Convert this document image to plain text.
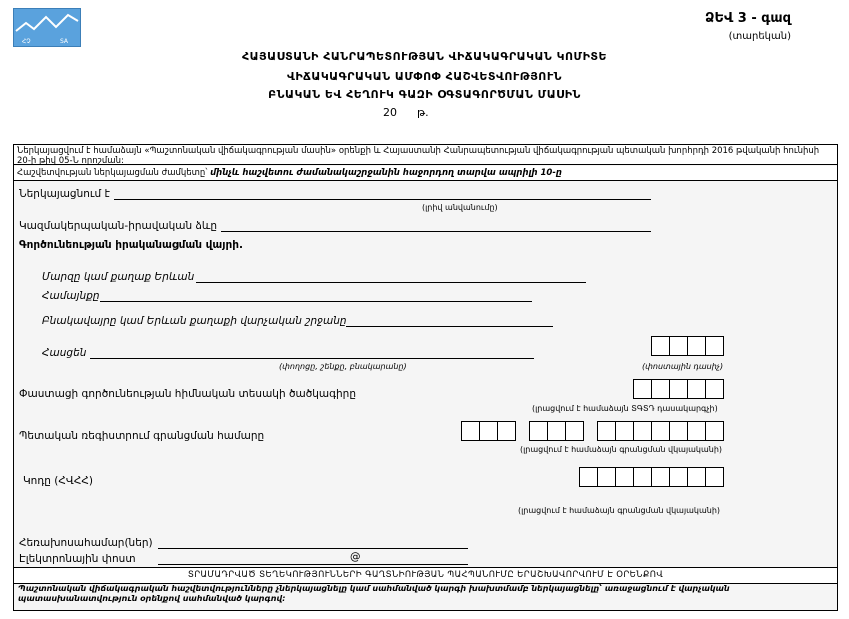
ՀՉ	SA
ՁԵՎ 3 - գազ
(տարեկան)
ՀԱՅԱՍՏԱՆԻ ՀԱՆՐԱՊԵՏՈՒԹՅԱՆ ՎԻՃԱԿԱԳՐԱԿԱՆ ԿՈՄԻՏԵ
ՎԻՃԱԿԱԳՐԱԿԱՆ ԱՄՓՈՓ ՀԱՇՎԵՏՎՈՒԹՅՈՒՆ
ԲՆԱԿԱՆ ԵՎ ՀԵՂՈՒԿ ԳԱԶԻ ՕԳՏԱԳՈՐԾՄԱՆ ՄԱՍԻՆ
20 թ.
Ներկայացվում է համաձայն «Պաշտոնական վիճակագրության մասին» օրենքի և Հայաստանի Հանրապետության վիճակագրության պետական խորհրդի 2016 թվականի հունիսի 20-ի թիվ 05-Ն որոշման:
Հաշվետվության ներկայացման ժամկետը՝ մինչև հաշվետու ժամանակաշրջանին հաջորդող տարվա ապրիլի 10-ը
Ներկայացնում է
(լրիվ անվանումը)
Կազմակերպական-իրավական ձևը
Գործունեության իրականացման վայրի.
Մարզը կամ քաղաք Երևան
Համայնքը
Բնակավայրը կամ Երևան քաղաքի վարչական շրջանը
Հասցեն
(փողոցը, շենքը, բնակարանը)	(փոստային դասիչ)
Փաստացի գործունեության հիմնական տեսակի ծածկագիրը
(լրացվում է համաձայն ՏԳՏԴ դասակարգչի)
Պետական ռեգիստրում գրանցման համարը
(լրացվում է համաձայն գրանցման վկայականի)
Կոդը (ՀՎՀՀ)
(լրացվում է համաձայն գրանցման վկայականի)
Հեռախոսահամար(ներ)
Էլեկտրոնային փոստ	@
ՏՐԱՄԱԴՐՎԱԾ ՏԵՂԵԿՈՒԹՅՈՒՆՆԵՐԻ ԳԱՂՏՆԻՈՒԹՅԱՆ ՊԱՀՊԱՆՈՒՄԸ ԵՐԱՇԽԱՎՈՐՎՈՒՄ Է ՕՐԵՆՔՈՎ
Պաշտոնական վիճակագրական հաշվետվությունները չներկայացնելը կամ սահմանված կարգի խախտմամբ ներկայացնելը՝ առաջացնում է վարչական պատասխանատվություն օրենքով սահմանված կարգով:
